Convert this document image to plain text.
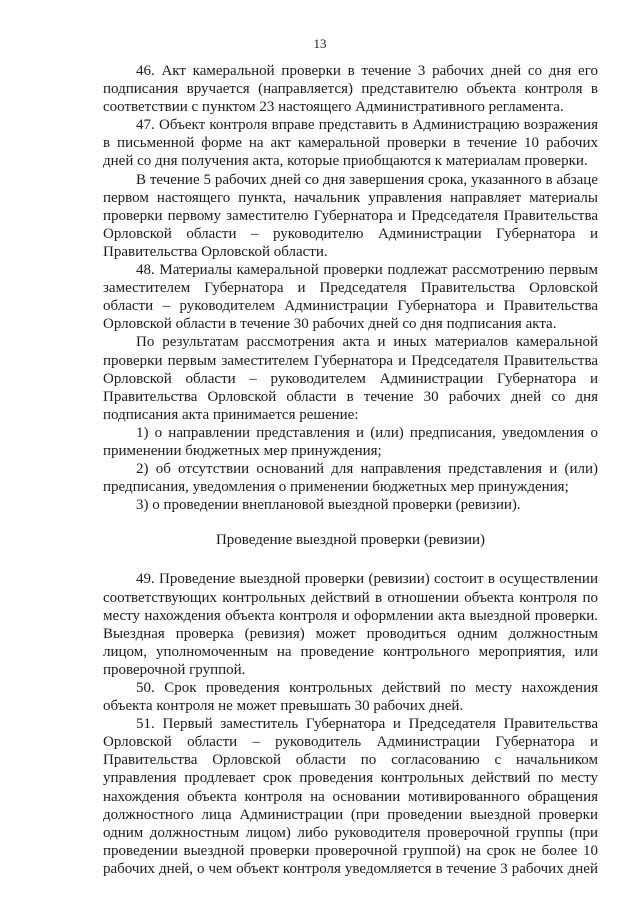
13

46. Акт камеральной проверки в течение 3 рабочих дней со дня его подписания вручается (направляется) представителю объекта контроля в соответствии с пунктом 23 настоящего Административного регламента.

47. Объект контроля вправе представить в Администрацию возражения в письменной форме на акт камеральной проверки в течение 10 рабочих дней со дня получения акта, которые приобщаются к материалам проверки.

В течение 5 рабочих дней со дня завершения срока, указанного в абзаце первом настоящего пункта, начальник управления направляет материалы проверки первому заместителю Губернатора и Председателя Правительства Орловской области – руководителю Администрации Губернатора и Правительства Орловской области.

48. Материалы камеральной проверки подлежат рассмотрению первым заместителем Губернатора и Председателя Правительства Орловской области – руководителем Администрации Губернатора и Правительства Орловской области в течение 30 рабочих дней со дня подписания акта.

По результатам рассмотрения акта и иных материалов камеральной проверки первым заместителем Губернатора и Председателя Правительства Орловской области – руководителем Администрации Губернатора и Правительства Орловской области в течение 30 рабочих дней со дня подписания акта принимается решение:

1) о направлении представления и (или) предписания, уведомления о применении бюджетных мер принуждения;

2) об отсутствии оснований для направления представления и (или) предписания, уведомления о применении бюджетных мер принуждения;

3) о проведении внеплановой выездной проверки (ревизии).

Проведение выездной проверки (ревизии)

49. Проведение выездной проверки (ревизии) состоит в осуществлении соответствующих контрольных действий в отношении объекта контроля по месту нахождения объекта контроля и оформлении акта выездной проверки. Выездная проверка (ревизия) может проводиться одним должностным лицом, уполномоченным на проведение контрольного мероприятия, или проверочной группой.

50. Срок проведения контрольных действий по месту нахождения объекта контроля не может превышать 30 рабочих дней.

51. Первый заместитель Губернатора и Председателя Правительства Орловской области – руководитель Администрации Губернатора и Правительства Орловской области по согласованию с начальником управления продлевает срок проведения контрольных действий по месту нахождения объекта контроля на основании мотивированного обращения должностного лица Администрации (при проведении выездной проверки одним должностным лицом) либо руководителя проверочной группы (при проведении выездной проверки проверочной группой) на срок не более 10 рабочих дней, о чем объект контроля уведомляется в течение 3 рабочих дней
